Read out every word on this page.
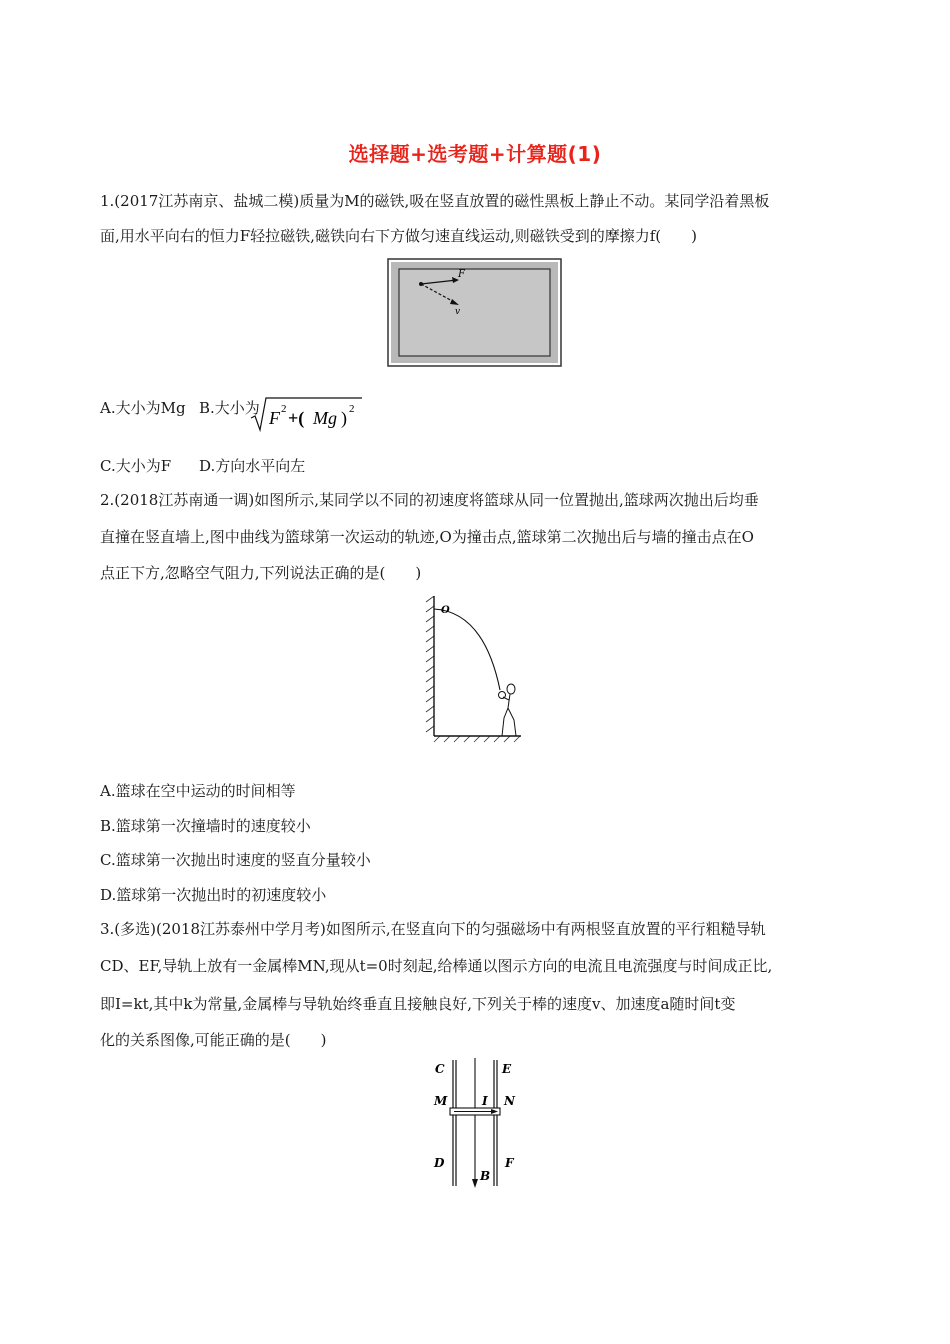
选择题+选考题+计算题(1)
1.(2017江苏南京、盐城二模)质量为M的磁铁,吸在竖直放置的磁性黑板上静止不动。某同学沿着黑板
面,用水平向右的恒力F轻拉磁铁,磁铁向右下方做匀速直线运动,则磁铁受到的摩擦力f(　　)
F
v
A.大小为Mg B.大小为 F 2 +( Mg ) 2
C.大小为F D.方向水平向左
2.(2018江苏南通一调)如图所示,某同学以不同的初速度将篮球从同一位置抛出,篮球两次抛出后均垂
直撞在竖直墙上,图中曲线为篮球第一次运动的轨迹,O为撞击点,篮球第二次抛出后与墙的撞击点在O
点正下方,忽略空气阻力,下列说法正确的是(　　)
O
A.篮球在空中运动的时间相等
B.篮球第一次撞墙时的速度较小
C.篮球第一次抛出时速度的竖直分量较小
D.篮球第一次抛出时的初速度较小
3.(多选)(2018江苏泰州中学月考)如图所示,在竖直向下的匀强磁场中有两根竖直放置的平行粗糙导轨
CD、EF,导轨上放有一金属棒MN,现从t=0时刻起,给棒通以图示方向的电流且电流强度与时间成正比,
即I=kt,其中k为常量,金属棒与导轨始终垂直且接触良好,下列关于棒的速度v、加速度a随时间t变
化的关系图像,可能正确的是(　　)
C	E
M	I N
D
B
F
